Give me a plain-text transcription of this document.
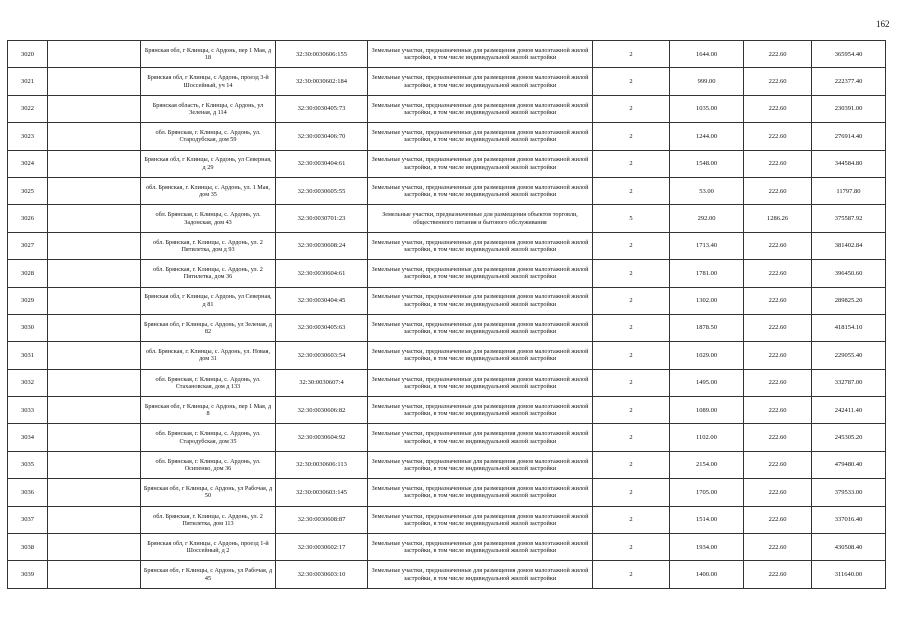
162
3020		Брянская обл, г Клинцы, с Ардонь, пер 1 Мая, д 18	32:30:0030606:155	Земельные участки, предназначенные для размещения домов малоэтажной жилой застройки, в том числе индивидуальной жилой застройки	2	1644.00	222.60	365954.40
3021		Брянская обл, г Клинцы, с Ардонь, проезд 3-й Шоссейный, уч 14	32:30:0030602:184	Земельные участки, предназначенные для размещения домов малоэтажной жилой застройки, в том числе индивидуальной жилой застройки	2	999.00	222.60	222377.40
3022		Брянская область, г Клинцы, с Ардонь, ул Зеленая, д 114	32:30:0030405:73	Земельные участки, предназначенные для размещения домов малоэтажной жилой застройки, в том числе индивидуальной жилой застройки	2	1035.00	222.60	230391.00
3023		обл. Брянская, г. Клинцы, с. Ардонь, ул. Стародубская, дом 59	32:30:0030406:70	Земельные участки, предназначенные для размещения домов малоэтажной жилой застройки, в том числе индивидуальной жилой застройки	2	1244.00	222.60	276914.40
3024		Брянская обл, г Клинцы, с Ардонь, ул Северная, д 29	32:30:0030404:61	Земельные участки, предназначенные для размещения домов малоэтажной жилой застройки, в том числе индивидуальной жилой застройки	2	1548.00	222.60	344584.80
3025		обл. Брянская, г. Клинцы, с. Ардонь, ул. 1 Мая, дом 35	32:30:0030605:55	Земельные участки, предназначенные для размещения домов малоэтажной жилой застройки, в том числе индивидуальной жилой застройки	2	53.00	222.60	11797.80
3026		обл. Брянская, г. Клинцы, с. Ардонь, ул. Задонская, дом 43	32:30:0030701:23	Земельные участки, предназначенные для размещения объектов торговли, общественного питания и бытового обслуживания	5	292.00	1286.26	375587.92
3027		обл. Брянская, г. Клинцы, с. Ардонь, ул. 2 Пятилетка, дом д 93	32:30:0030608:24	Земельные участки, предназначенные для размещения домов малоэтажной жилой застройки, в том числе индивидуальной жилой застройки	2	1713.40	222.60	381402.84
3028		обл. Брянская, г. Клинцы, с. Ардонь, ул. 2 Пятилетка, дом 36	32:30:0030604:61	Земельные участки, предназначенные для размещения домов малоэтажной жилой застройки, в том числе индивидуальной жилой застройки	2	1781.00	222.60	396450.60
3029		Брянская обл, г Клинцы, с Ардонь, ул Северная, д 81	32:30:0030404:45	Земельные участки, предназначенные для размещения домов малоэтажной жилой застройки, в том числе индивидуальной жилой застройки	2	1302.00	222.60	289825.20
3030		Брянская обл, г Клинцы, с Ардонь, ул Зеленая, д 82	32:30:0030405:63	Земельные участки, предназначенные для размещения домов малоэтажной жилой застройки, в том числе индивидуальной жилой застройки	2	1878.50	222.60	418154.10
3031		обл. Брянская, г. Клинцы, с. Ардонь, ул. Новая, дом 31	32:30:0030603:54	Земельные участки, предназначенные для размещения домов малоэтажной жилой застройки, в том числе индивидуальной жилой застройки	2	1029.00	222.60	229055.40
3032		обл. Брянская, г. Клинцы, с. Ардонь, ул. Стахановская, дом д 133	32:30:0030607:4	Земельные участки, предназначенные для размещения домов малоэтажной жилой застройки, в том числе индивидуальной жилой застройки	2	1495.00	222.60	332787.00
3033		Брянская обл, г Клинцы, с Ардонь, пер 1 Мая, д 8	32:30:0030606:82	Земельные участки, предназначенные для размещения домов малоэтажной жилой застройки, в том числе индивидуальной жилой застройки	2	1089.00	222.60	242411.40
3034		обл. Брянская, г. Клинцы, с. Ардонь, ул. Стародубская, дом 35	32:30:0030604:92	Земельные участки, предназначенные для размещения домов малоэтажной жилой застройки, в том числе индивидуальной жилой застройки	2	1102.00	222.60	245305.20
3035		обл. Брянская, г. Клинцы, с. Ардонь, ул. Осипенко, дом 36	32:30:0030606:113	Земельные участки, предназначенные для размещения домов малоэтажной жилой застройки, в том числе индивидуальной жилой застройки	2	2154.00	222.60	479480.40
3036		Брянская обл, г Клинцы, с Ардонь, ул Рабочая, д 50	32:30:0030603:145	Земельные участки, предназначенные для размещения домов малоэтажной жилой застройки, в том числе индивидуальной жилой застройки	2	1705.00	222.60	379533.00
3037		обл. Брянская, г. Клинцы, с. Ардонь, ул. 2 Пятилетка, дом 113	32:30:0030608:87	Земельные участки, предназначенные для размещения домов малоэтажной жилой застройки, в том числе индивидуальной жилой застройки	2	1514.00	222.60	337016.40
3038		Брянская обл, г Клинцы, с Ардонь, проезд 1-й Шоссейный, д 2	32:30:0030602:17	Земельные участки, предназначенные для размещения домов малоэтажной жилой застройки, в том числе индивидуальной жилой застройки	2	1934.00	222.60	430508.40
3039		Брянская обл, г Клинцы, с Ардонь, ул Рабочая, д 45	32:30:0030603:10	Земельные участки, предназначенные для размещения домов малоэтажной жилой застройки, в том числе индивидуальной жилой застройки	2	1400.00	222.60	311640.00
